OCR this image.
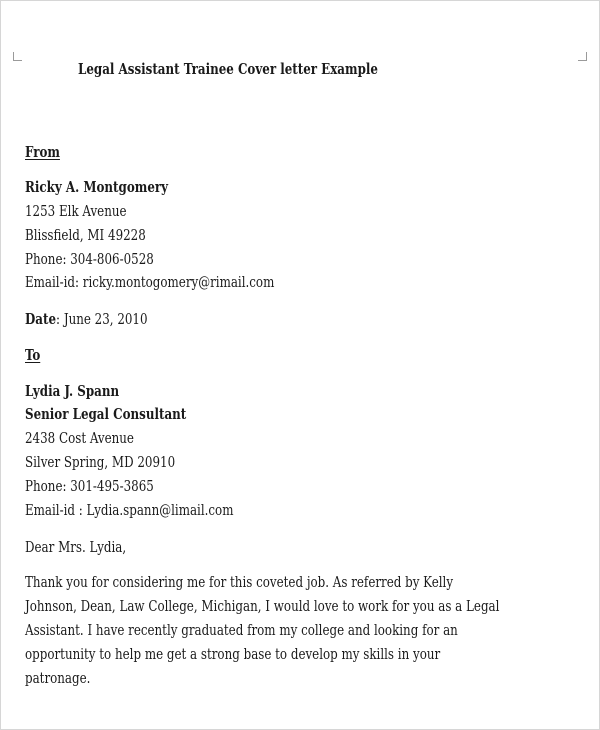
Legal Assistant Trainee Cover letter Example
From
Ricky A. Montgomery
1253 Elk Avenue
Blissfield, MI 49228
Phone: 304-806-0528
Email-id: ricky.montogomery@rimail.com
Date: June 23, 2010
To
Lydia J. Spann
Senior Legal Consultant
2438 Cost Avenue
Silver Spring, MD 20910
Phone: 301-495-3865
Email-id : Lydia.spann@limail.com
Dear Mrs. Lydia,
Thank you for considering me for this coveted job. As referred by Kelly
Johnson, Dean, Law College, Michigan, I would love to work for you as a Legal
Assistant. I have recently graduated from my college and looking for an
opportunity to help me get a strong base to develop my skills in your
patronage.
